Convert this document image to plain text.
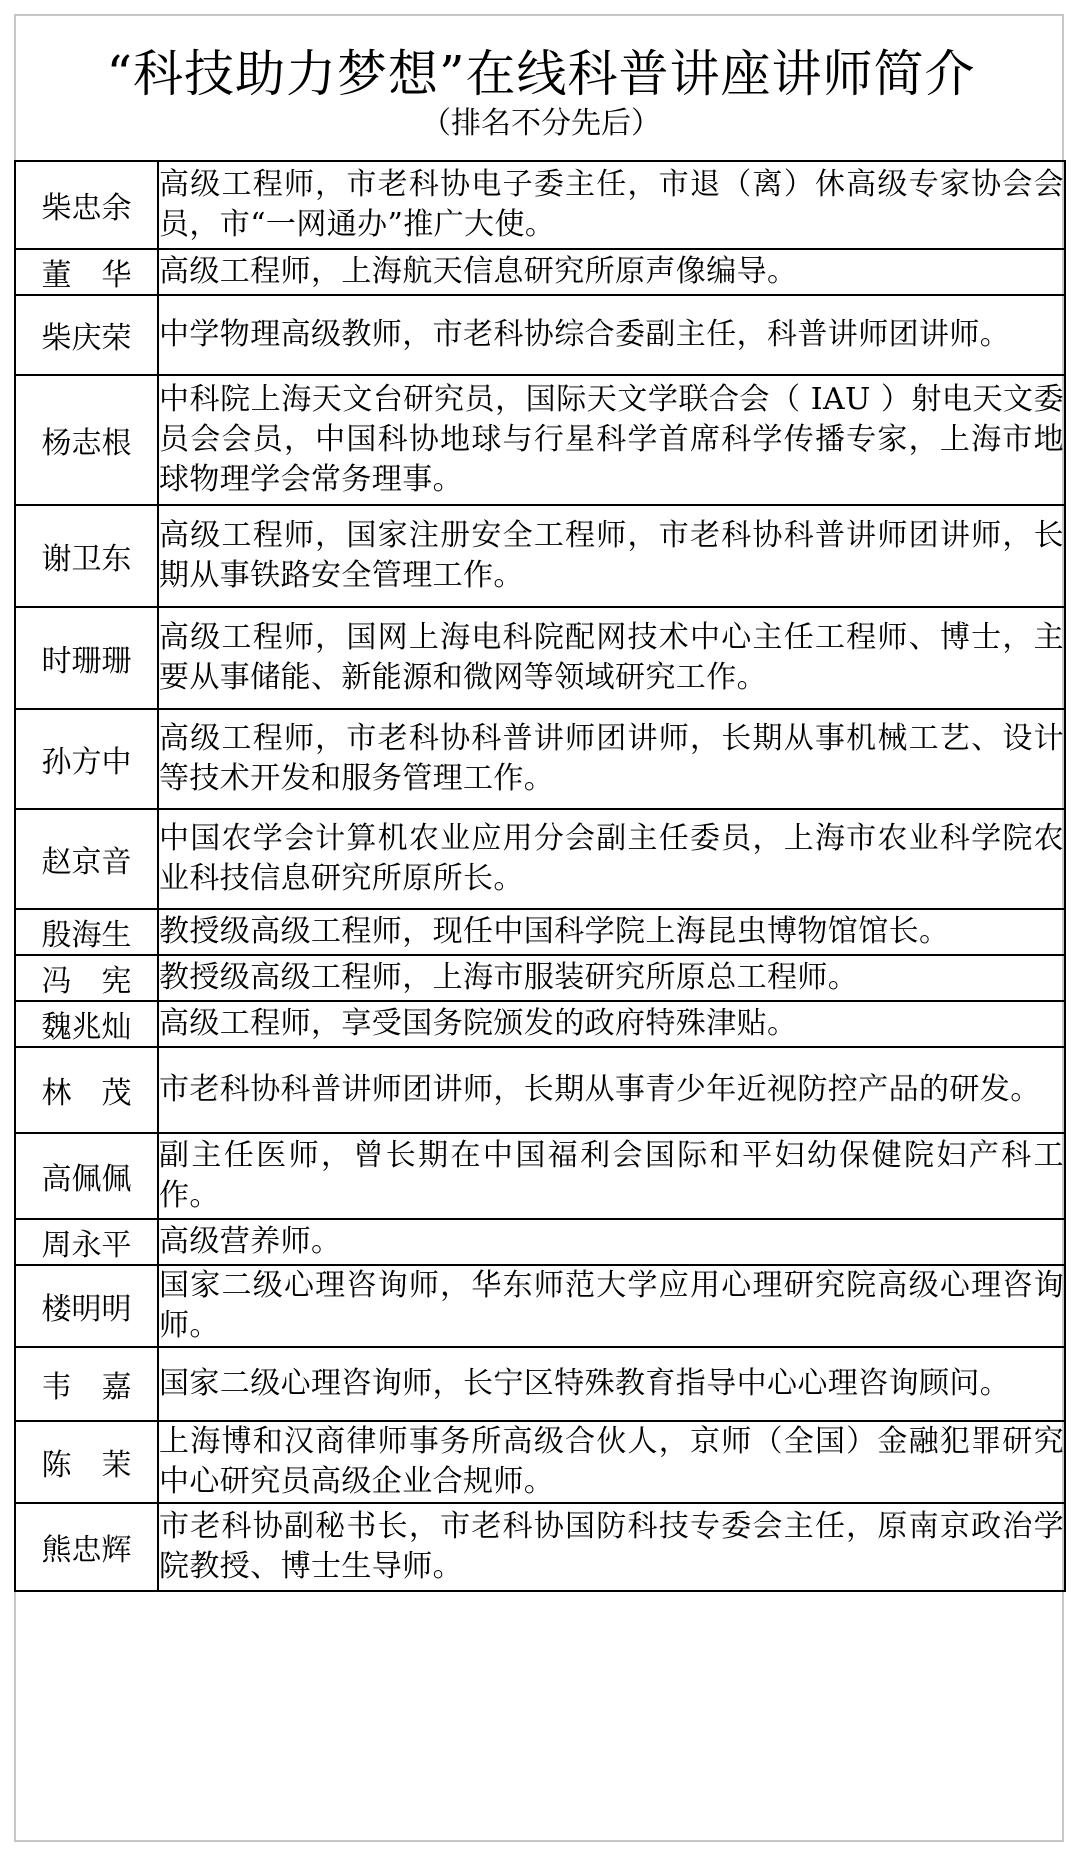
“科技助力梦想”在线科普讲座讲师简介
（排名不分先后）
柴忠余	高级工程师，市老科协电子委主任，市退（离）休高级专家协会会员，市“一网通办”推广大使。
董　华	高级工程师，上海航天信息研究所原声像编导。
柴庆荣	中学物理高级教师，市老科协综合委副主任，科普讲师团讲师。
杨志根	中科院上海天文台研究员，国际天文学联合会（ IAU ）射电天文委员会会员，中国科协地球与行星科学首席科学传播专家，上海市地球物理学会常务理事。
谢卫东	高级工程师，国家注册安全工程师，市老科协科普讲师团讲师，长期从事铁路安全管理工作。
时珊珊	高级工程师，国网上海电科院配网技术中心主任工程师、博士，主要从事储能、新能源和微网等领域研究工作。
孙方中	高级工程师，市老科协科普讲师团讲师，长期从事机械工艺、设计等技术开发和服务管理工作。
赵京音	中国农学会计算机农业应用分会副主任委员，上海市农业科学院农业科技信息研究所原所长。
殷海生	教授级高级工程师，现任中国科学院上海昆虫博物馆馆长。
冯　宪	教授级高级工程师，上海市服装研究所原总工程师。
魏兆灿	高级工程师，享受国务院颁发的政府特殊津贴。
林　茂	市老科协科普讲师团讲师，长期从事青少年近视防控产品的研发。
高佩佩	副主任医师，曾长期在中国福利会国际和平妇幼保健院妇产科工作。
周永平	高级营养师。
楼明明	国家二级心理咨询师，华东师范大学应用心理研究院高级心理咨询师。
韦　嘉	国家二级心理咨询师，长宁区特殊教育指导中心心理咨询顾问。
陈　茉	上海博和汉商律师事务所高级合伙人，京师（全国）金融犯罪研究中心研究员高级企业合规师。
熊忠辉	市老科协副秘书长，市老科协国防科技专委会主任，原南京政治学院教授、博士生导师。
